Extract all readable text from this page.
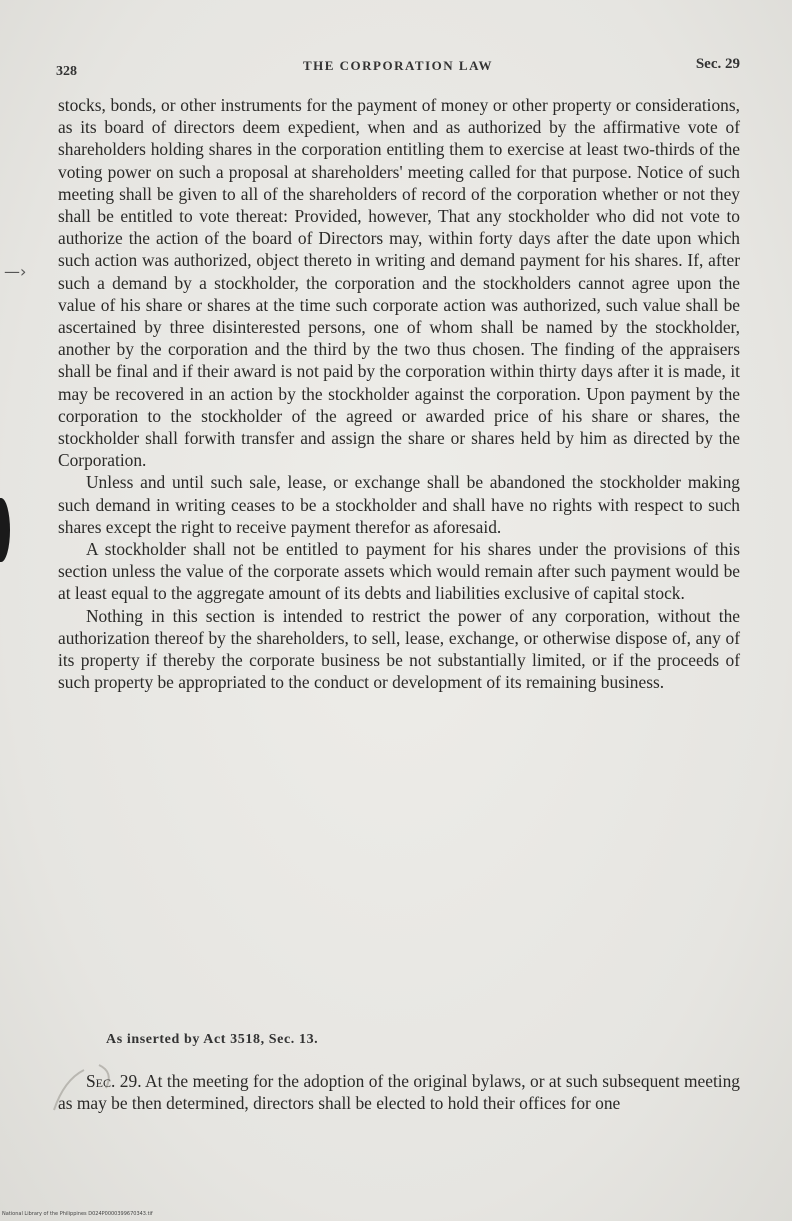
—›
328	THE CORPORATION LAW	Sec. 29

stocks, bonds, or other instruments for the payment of money or other property or considerations, as its board of directors deem expedient, when and as authorized by the affirmative vote of shareholders holding shares in the corporation entitling them to exercise at least two-thirds of the voting power on such a proposal at shareholders' meeting called for that purpose. Notice of such meeting shall be given to all of the shareholders of record of the corporation whether or not they shall be entitled to vote thereat: Provided, however, That any stockholder who did not vote to authorize the action of the board of Directors may, within forty days after the date upon which such action was authorized, object thereto in writing and demand payment for his shares. If, after such a demand by a stockholder, the corporation and the stockholders cannot agree upon the value of his share or shares at the time such corporate action was authorized, such value shall be ascertained by three disinterested persons, one of whom shall be named by the stockholder, another by the corporation and the third by the two thus chosen. The finding of the appraisers shall be final and if their award is not paid by the corporation within thirty days after it is made, it may be recovered in an action by the stockholder against the corporation. Upon payment by the corporation to the stockholder of the agreed or awarded price of his share or shares, the stockholder shall forwith transfer and assign the share or shares held by him as directed by the Corporation.

Unless and until such sale, lease, or exchange shall be abandoned the stockholder making such demand in writing ceases to be a stockholder and shall have no rights with respect to such shares except the right to receive payment therefor as aforesaid.

A stockholder shall not be entitled to payment for his shares under the provisions of this section unless the value of the corporate assets which would remain after such payment would be at least equal to the aggregate amount of its debts and liabilities exclusive of capital stock.

Nothing in this section is intended to restrict the power of any corporation, without the authorization thereof by the shareholders, to sell, lease, exchange, or otherwise dispose of, any of its property if thereby the corporate business be not substantially limited, or if the proceeds of such property be appropriated to the conduct or development of its remaining business.

As inserted by Act 3518, Sec. 13.

Sec. 29. At the meeting for the adoption of the original bylaws, or at such subsequent meeting as may be then determined, directors shall be elected to hold their offices for one

National Library of the Philippines D024P0000399670343.tif
